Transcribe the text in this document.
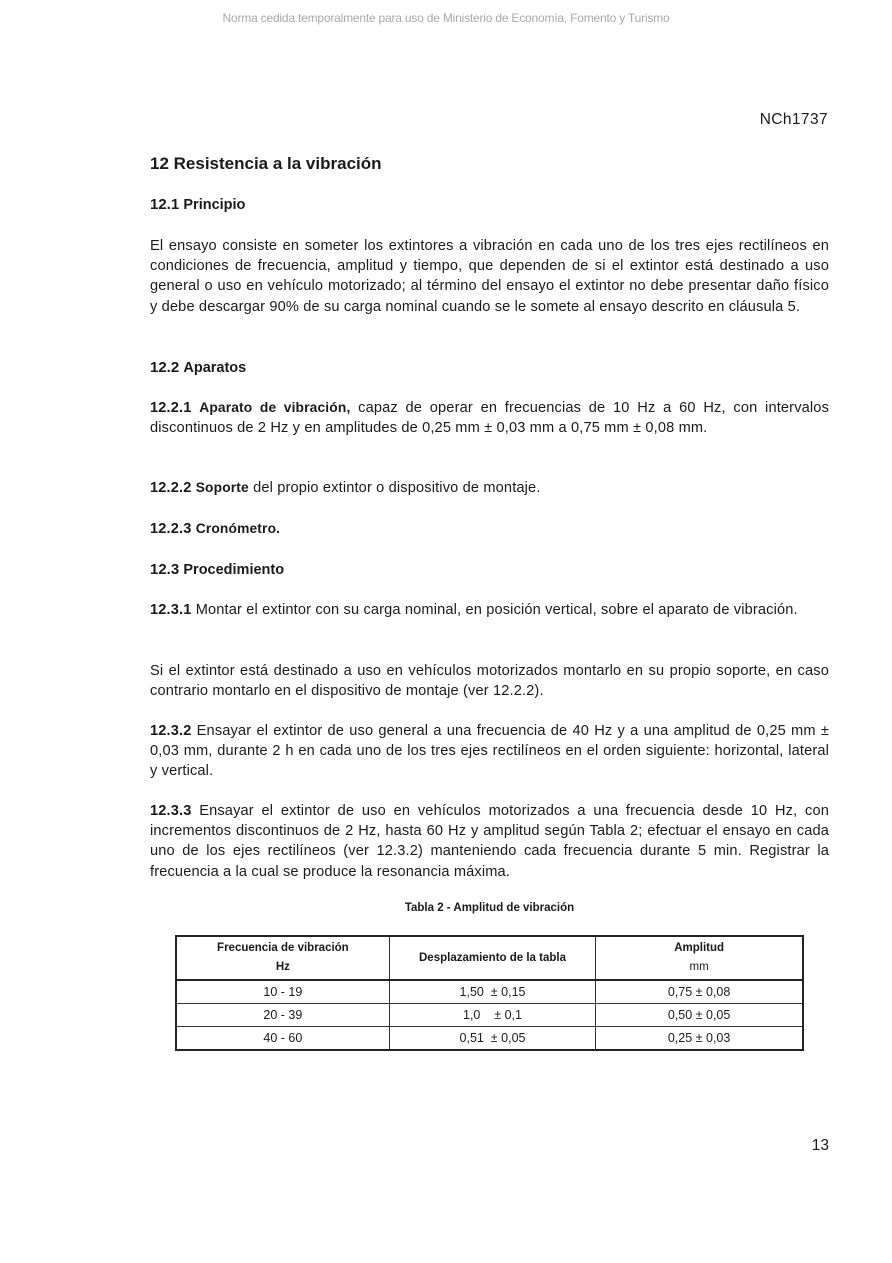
Norma cedida temporalmente para uso de Ministerio de Economía, Fomento y Turismo
NCh1737
12 Resistencia a la vibración
12.1 Principio

El ensayo consiste en someter los extintores a vibración en cada uno de los tres ejes rectilíneos en condiciones de frecuencia, amplitud y tiempo, que dependen de si el extintor está destinado a uso general o uso en vehículo motorizado; al término del ensayo el extintor no debe presentar daño físico y debe descargar 90% de su carga nominal cuando se le somete al ensayo descrito en cláusula 5.

12.2 Aparatos

12.2.1 Aparato de vibración, capaz de operar en frecuencias de 10 Hz a 60 Hz, con intervalos discontinuos de 2 Hz y en amplitudes de 0,25 mm ± 0,03 mm a 0,75 mm ± 0,08 mm.

12.2.2 Soporte del propio extintor o dispositivo de montaje.

12.2.3 Cronómetro.

12.3 Procedimiento

12.3.1 Montar el extintor con su carga nominal, en posición vertical, sobre el aparato de vibración.

Si el extintor está destinado a uso en vehículos motorizados montarlo en su propio soporte, en caso contrario montarlo en el dispositivo de montaje (ver 12.2.2).

12.3.2 Ensayar el extintor de uso general a una frecuencia de 40 Hz y a una amplitud de 0,25 mm ± 0,03 mm, durante 2 h en cada uno de los tres ejes rectilíneos en el orden siguiente: horizontal, lateral y vertical.

12.3.3 Ensayar el extintor de uso en vehículos motorizados a una frecuencia desde 10 Hz, con incrementos discontinuos de 2 Hz, hasta 60 Hz y amplitud según Tabla 2; efectuar el ensayo en cada uno de los ejes rectilíneos (ver 12.3.2) manteniendo cada frecuencia durante 5 min. Registrar la frecuencia a la cual se produce la resonancia máxima.

Tabla 2 - Amplitud de vibración
Frecuencia de vibración
Hz

Desplazamiento de la tabla

Amplitud
mm

10 - 19	1,50  ± 0,15	0,75 ± 0,08
20 - 39	1,0    ± 0,1	0,50 ± 0,05
40 - 60	0,51  ± 0,05	0,25 ± 0,03
13
